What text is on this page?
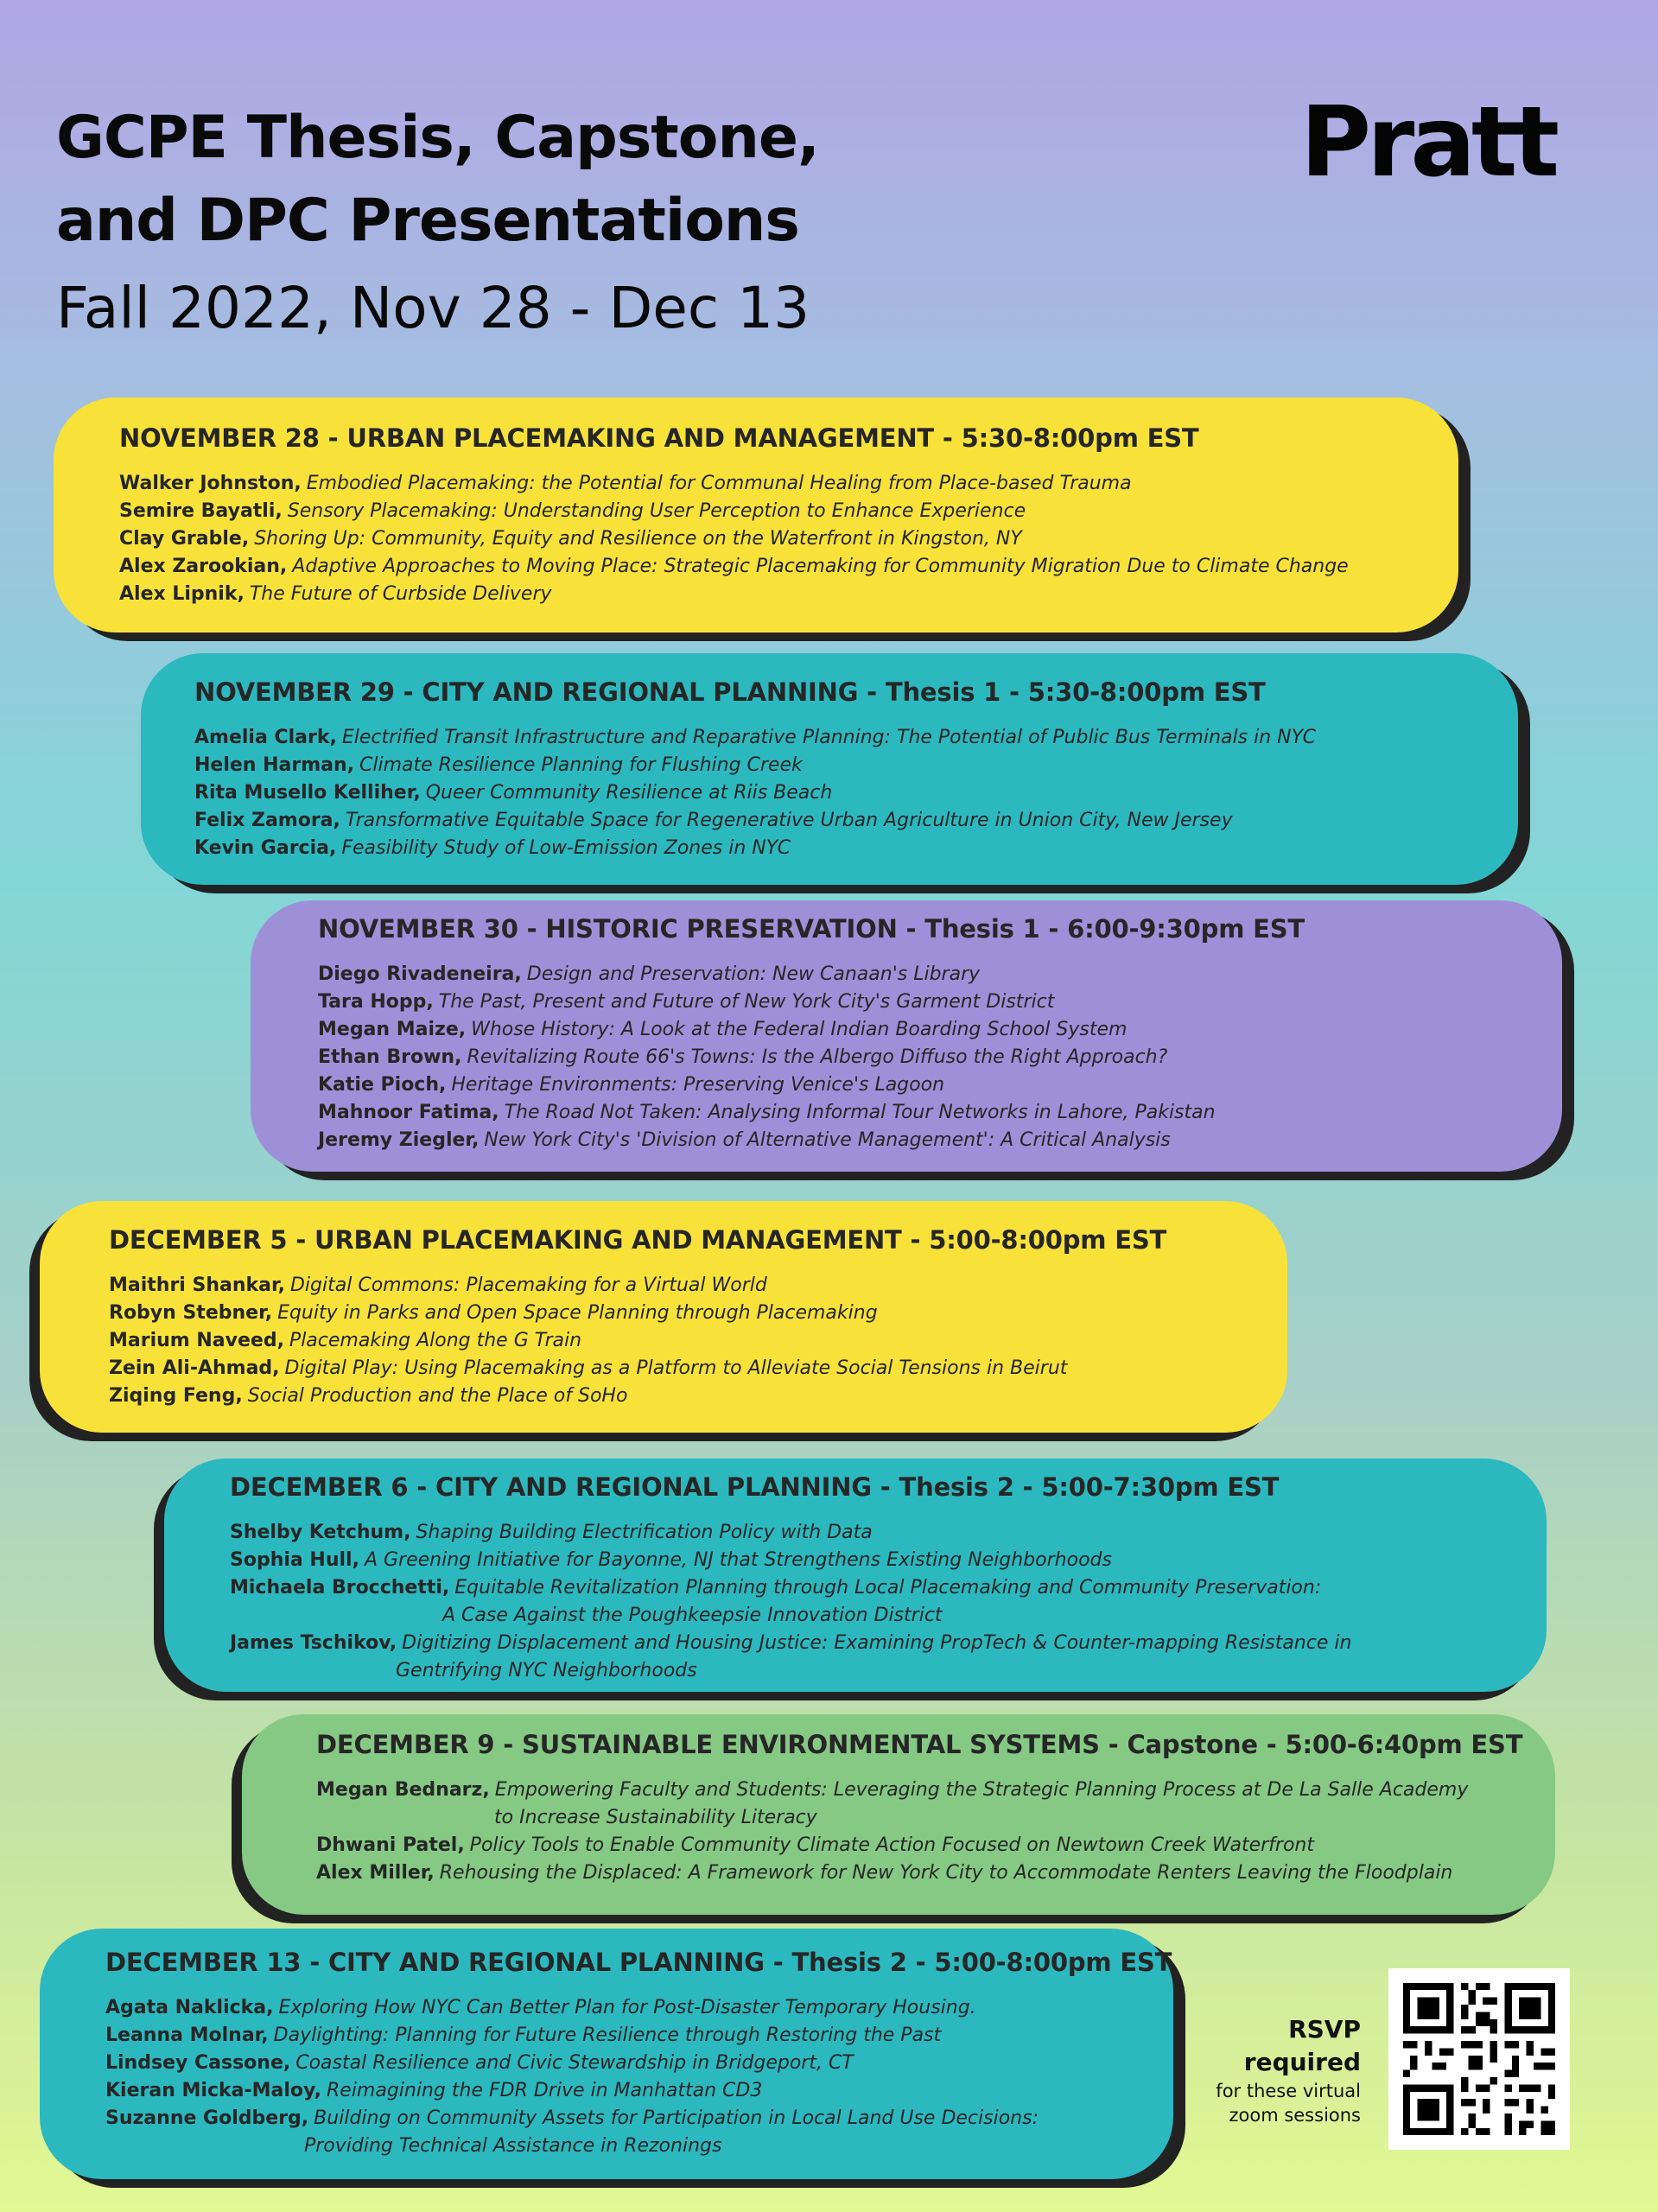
GCPE Thesis, Capstone,
and DPC Presentations
Fall 2022, Nov 28 - Dec 13
Pratt
NOVEMBER 28 - URBAN PLACEMAKING AND MANAGEMENT - 5:30-8:00pm EST
Walker Johnston, Embodied Placemaking: the Potential for Communal Healing from Place-based Trauma
Semire Bayatli, Sensory Placemaking: Understanding User Perception to Enhance Experience
Clay Grable, Shoring Up: Community, Equity and Resilience on the Waterfront in Kingston, NY
Alex Zarookian, Adaptive Approaches to Moving Place: Strategic Placemaking for Community Migration Due to Climate Change
Alex Lipnik, The Future of Curbside Delivery
NOVEMBER 29 - CITY AND REGIONAL PLANNING - Thesis 1 - 5:30-8:00pm EST
Amelia Clark, Electrified Transit Infrastructure and Reparative Planning: The Potential of Public Bus Terminals in NYC
Helen Harman, Climate Resilience Planning for Flushing Creek
Rita Musello Kelliher, Queer Community Resilience at Riis Beach
Felix Zamora, Transformative Equitable Space for Regenerative Urban Agriculture in Union City, New Jersey
Kevin Garcia, Feasibility Study of Low-Emission Zones in NYC
NOVEMBER 30 - HISTORIC PRESERVATION - Thesis 1 - 6:00-9:30pm EST
Diego Rivadeneira, Design and Preservation: New Canaan's Library
Tara Hopp, The Past, Present and Future of New York City's Garment District
Megan Maize, Whose History: A Look at the Federal Indian Boarding School System
Ethan Brown, Revitalizing Route 66's Towns: Is the Albergo Diffuso the Right Approach?
Katie Pioch, Heritage Environments: Preserving Venice's Lagoon
Mahnoor Fatima, The Road Not Taken: Analysing Informal Tour Networks in Lahore, Pakistan
Jeremy Ziegler, New York City's 'Division of Alternative Management': A Critical Analysis
DECEMBER 5 - URBAN PLACEMAKING AND MANAGEMENT - 5:00-8:00pm EST
Maithri Shankar, Digital Commons: Placemaking for a Virtual World
Robyn Stebner, Equity in Parks and Open Space Planning through Placemaking
Marium Naveed, Placemaking Along the G Train
Zein Ali-Ahmad, Digital Play: Using Placemaking as a Platform to Alleviate Social Tensions in Beirut
Ziqing Feng, Social Production and the Place of SoHo
DECEMBER 6 - CITY AND REGIONAL PLANNING - Thesis 2 - 5:00-7:30pm EST
Shelby Ketchum, Shaping Building Electrification Policy with Data
Sophia Hull, A Greening Initiative for Bayonne, NJ that Strengthens Existing Neighborhoods
Michaela Brocchetti, Equitable Revitalization Planning through Local Placemaking and Community Preservation:
A Case Against the Poughkeepsie Innovation District
James Tschikov, Digitizing Displacement and Housing Justice: Examining PropTech & Counter-mapping Resistance in
Gentrifying NYC Neighborhoods
DECEMBER 9 - SUSTAINABLE ENVIRONMENTAL SYSTEMS - Capstone - 5:00-6:40pm EST
Megan Bednarz, Empowering Faculty and Students: Leveraging the Strategic Planning Process at De La Salle Academy
to Increase Sustainability Literacy
Dhwani Patel, Policy Tools to Enable Community Climate Action Focused on Newtown Creek Waterfront
Alex Miller, Rehousing the Displaced: A Framework for New York City to Accommodate Renters Leaving the Floodplain
DECEMBER 13 - CITY AND REGIONAL PLANNING - Thesis 2 - 5:00-8:00pm EST
Agata Naklicka, Exploring How NYC Can Better Plan for Post-Disaster Temporary Housing.
Leanna Molnar, Daylighting: Planning for Future Resilience through Restoring the Past
Lindsey Cassone, Coastal Resilience and Civic Stewardship in Bridgeport, CT
Kieran Micka-Maloy, Reimagining the FDR Drive in Manhattan CD3
Suzanne Goldberg, Building on Community Assets for Participation in Local Land Use Decisions:
Providing Technical Assistance in Rezonings
RSVP
required
for these virtual
zoom sessions
